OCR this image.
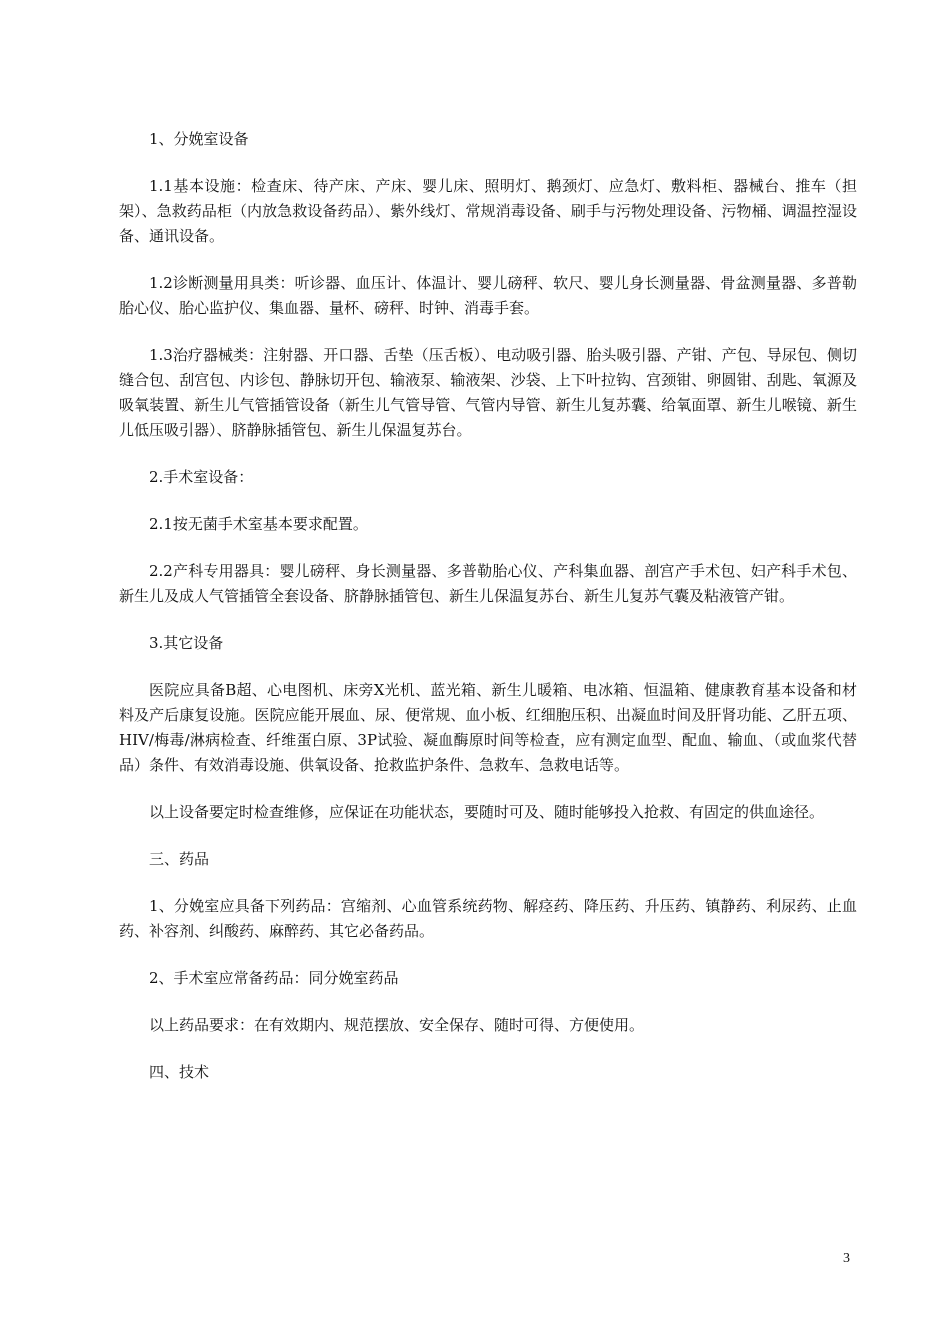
1、分娩室设备

1.1基本设施：检查床、待产床、产床、婴儿床、照明灯、鹅颈灯、应急灯、敷料柜、器械台、推车（担架）、急救药品柜（内放急救设备药品）、紫外线灯、常规消毒设备、刷手与污物处理设备、污物桶、调温控湿设备、通讯设备。

1.2诊断测量用具类：听诊器、血压计、体温计、婴儿磅秤、软尺、婴儿身长测量器、骨盆测量器、多普勒胎心仪、胎心监护仪、集血器、量杯、磅秤、时钟、消毒手套。

1.3治疗器械类：注射器、开口器、舌垫（压舌板）、电动吸引器、胎头吸引器、产钳、产包、导尿包、侧切缝合包、刮宫包、内诊包、静脉切开包、输液泵、输液架、沙袋、上下叶拉钩、宫颈钳、卵圆钳、刮匙、氧源及吸氧装置、新生儿气管插管设备（新生儿气管导管、气管内导管、新生儿复苏囊、给氧面罩、新生儿喉镜、新生儿低压吸引器）、脐静脉插管包、新生儿保温复苏台。

2.手术室设备：

2.1按无菌手术室基本要求配置。

2.2产科专用器具：婴儿磅秤、身长测量器、多普勒胎心仪、产科集血器、剖宫产手术包、妇产科手术包、新生儿及成人气管插管全套设备、脐静脉插管包、新生儿保温复苏台、新生儿复苏气囊及粘液管产钳。

3.其它设备

医院应具备B超、心电图机、床旁X光机、蓝光箱、新生儿暖箱、电冰箱、恒温箱、健康教育基本设备和材料及产后康复设施。医院应能开展血、尿、便常规、血小板、红细胞压积、出凝血时间及肝肾功能、乙肝五项、HIV/梅毒/淋病检查、纤维蛋白原、3P试验、凝血酶原时间等检查，应有测定血型、配血、输血、（或血浆代替品）条件、有效消毒设施、供氧设备、抢救监护条件、急救车、急救电话等。

以上设备要定时检查维修，应保证在功能状态，要随时可及、随时能够投入抢救、有固定的供血途径。

三、药品

1、分娩室应具备下列药品：宫缩剂、心血管系统药物、解痉药、降压药、升压药、镇静药、利尿药、止血药、补容剂、纠酸药、麻醉药、其它必备药品。

2、手术室应常备药品：同分娩室药品

以上药品要求：在有效期内、规范摆放、安全保存、随时可得、方便使用。

四、技术

3
